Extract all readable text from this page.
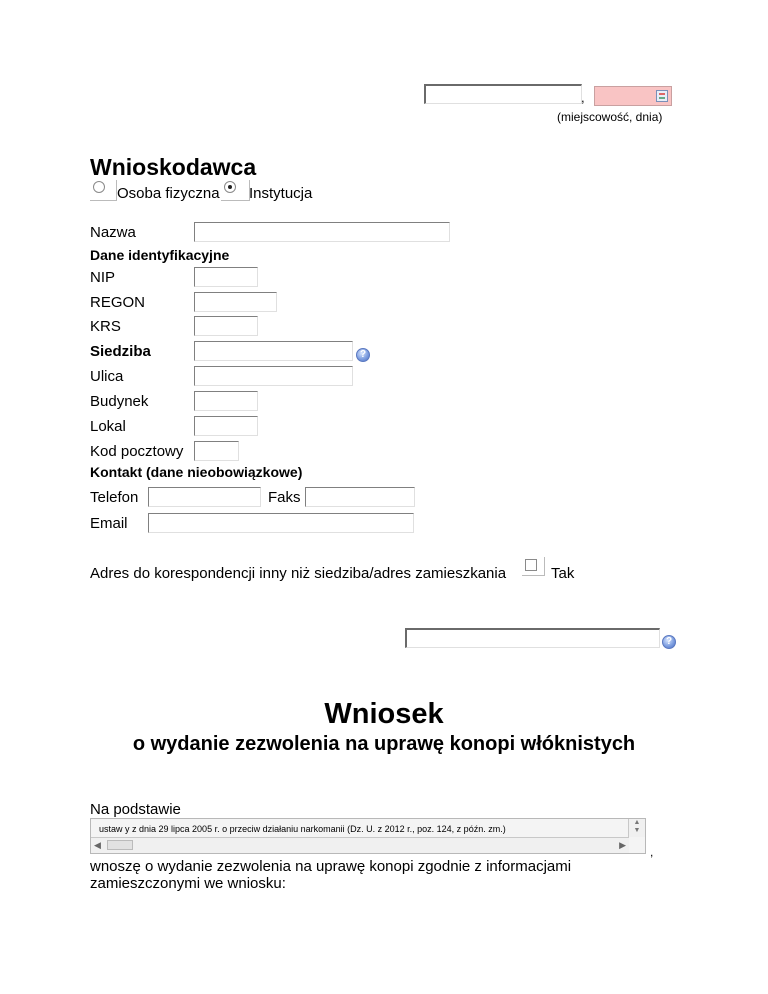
,
(miejscowość, dnia)
Wnioskodawca
Osoba fizyczna Instytucja
Nazwa
Dane identyfikacyjne
NIP
REGON
KRS
Siedziba	?
Ulica
Budynek
Lokal
Kod pocztowy
Kontakt (dane nieobowiązkowe)
Telefon	Faks
Email
Adres do korespondencji inny niż siedziba/adres zamieszkania	Tak
?
Wniosek
o wydanie zezwolenia na uprawę konopi włóknistych
Na podstawie
ustaw y z dnia 29 lipca 2005 r. o przeciw działaniu narkomanii (Dz. U. z 2012 r., poz. 124, z późn. zm.)
▲
▼
◀	▶ ,
wnoszę o wydanie zezwolenia na uprawę konopi zgodnie z informacjami zamieszczonymi we wniosku:
